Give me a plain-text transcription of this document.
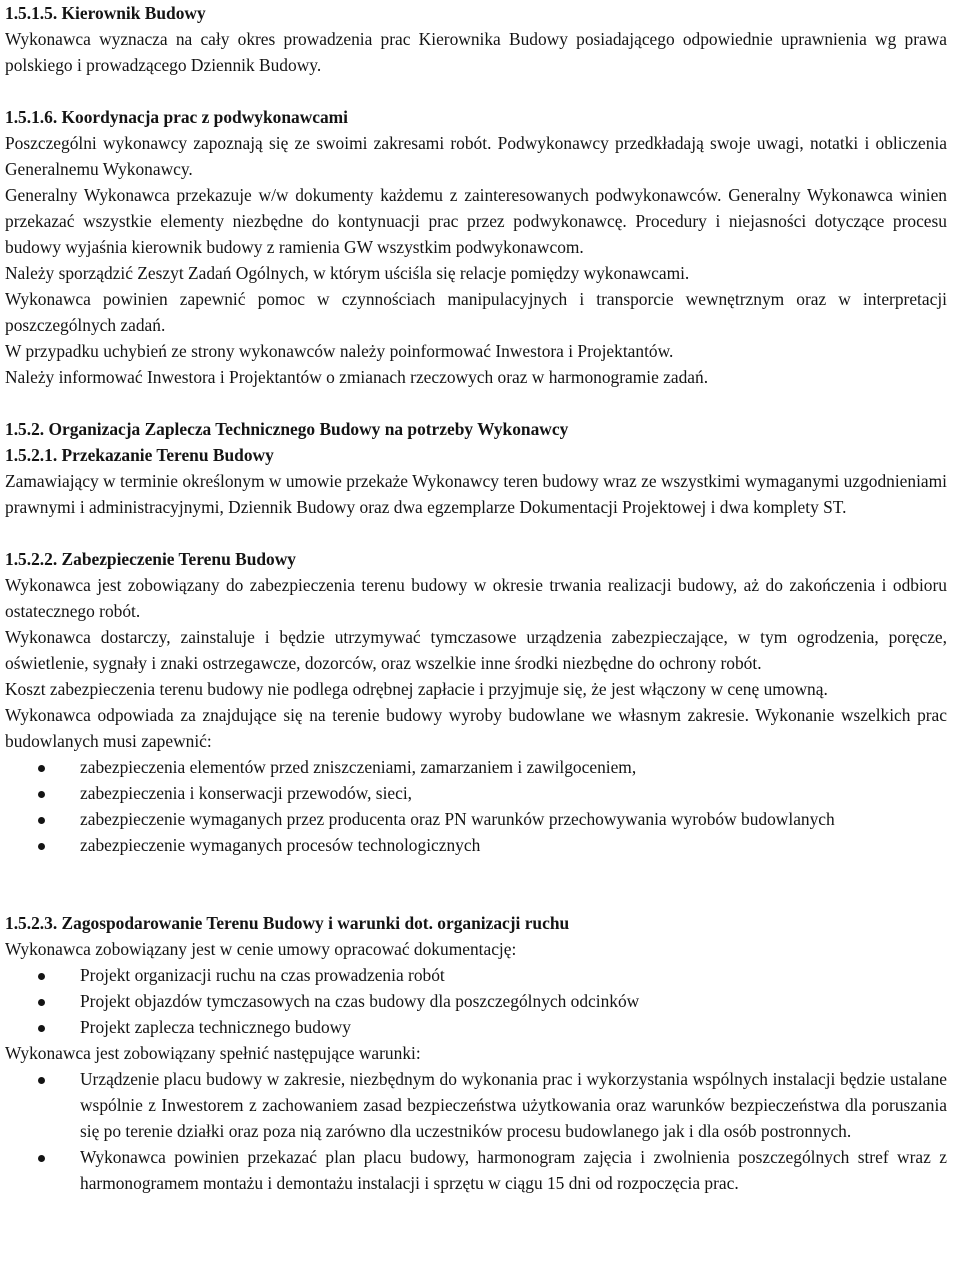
1.5.1.5. Kierownik Budowy

Wykonawca wyznacza na cały okres prowadzenia prac Kierownika Budowy posiadającego odpowiednie uprawnienia wg prawa polskiego i prowadzącego Dziennik Budowy.

1.5.1.6. Koordynacja prac z podwykonawcami

Poszczególni wykonawcy zapoznają się ze swoimi zakresami robót. Podwykonawcy przedkładają swoje uwagi, notatki i obliczenia Generalnemu Wykonawcy.

Generalny Wykonawca przekazuje w/w dokumenty każdemu z zainteresowanych podwykonawców. Generalny Wykonawca winien przekazać wszystkie elementy niezbędne do kontynuacji prac przez podwykonawcę. Procedury i niejasności dotyczące procesu budowy wyjaśnia kierownik budowy z ramienia GW wszystkim podwykonawcom.

Należy sporządzić Zeszyt Zadań Ogólnych, w którym uściśla się relacje pomiędzy wykonawcami.

Wykonawca powinien zapewnić pomoc w czynnościach manipulacyjnych i transporcie wewnętrznym oraz w interpretacji poszczególnych zadań.

W przypadku uchybień ze strony wykonawców należy poinformować Inwestora i Projektantów.

Należy informować Inwestora i Projektantów o zmianach rzeczowych oraz w harmonogramie zadań.

1.5.2. Organizacja Zaplecza Technicznego Budowy na potrzeby Wykonawcy

1.5.2.1. Przekazanie Terenu Budowy

Zamawiający w terminie określonym w umowie przekaże Wykonawcy teren budowy wraz ze wszystkimi wymaganymi uzgodnieniami prawnymi i administracyjnymi, Dziennik Budowy oraz dwa egzemplarze Dokumentacji Projektowej i dwa komplety ST.

1.5.2.2. Zabezpieczenie Terenu Budowy

Wykonawca jest zobowiązany do zabezpieczenia terenu budowy w okresie trwania realizacji budowy, aż do zakończenia i odbioru ostatecznego robót.

Wykonawca dostarczy, zainstaluje i będzie utrzymywać tymczasowe urządzenia zabezpieczające, w tym ogrodzenia, poręcze, oświetlenie, sygnały i znaki ostrzegawcze, dozorców, oraz wszelkie inne środki niezbędne do ochrony robót.

Koszt zabezpieczenia terenu budowy nie podlega odrębnej zapłacie i przyjmuje się, że jest włączony w cenę umowną.

Wykonawca odpowiada za znajdujące się na terenie budowy wyroby budowlane we własnym zakresie. Wykonanie wszelkich prac budowlanych musi zapewnić:

zabezpieczenia elementów przed zniszczeniami, zamarzaniem i zawilgoceniem,
zabezpieczenia i konserwacji przewodów, sieci,
zabezpieczenie wymaganych przez producenta oraz PN warunków przechowywania wyrobów budowlanych
zabezpieczenie wymaganych procesów technologicznych

1.5.2.3. Zagospodarowanie Terenu Budowy i warunki dot. organizacji ruchu

Wykonawca zobowiązany jest w cenie umowy opracować dokumentację:

Projekt organizacji ruchu na czas prowadzenia robót
Projekt objazdów tymczasowych na czas budowy dla poszczególnych odcinków
Projekt zaplecza technicznego budowy

Wykonawca jest zobowiązany spełnić następujące warunki:

Urządzenie placu budowy w zakresie, niezbędnym do wykonania prac i wykorzystania wspólnych instalacji będzie ustalane wspólnie z Inwestorem z zachowaniem zasad bezpieczeństwa użytkowania oraz warunków bezpieczeństwa dla poruszania się po terenie działki oraz poza nią zarówno dla uczestników procesu budowlanego jak i dla osób postronnych.
Wykonawca powinien przekazać plan placu budowy, harmonogram zajęcia i zwolnienia poszczególnych stref wraz z harmonogramem montażu i demontażu instalacji i sprzętu w ciągu 15 dni od rozpoczęcia prac.
